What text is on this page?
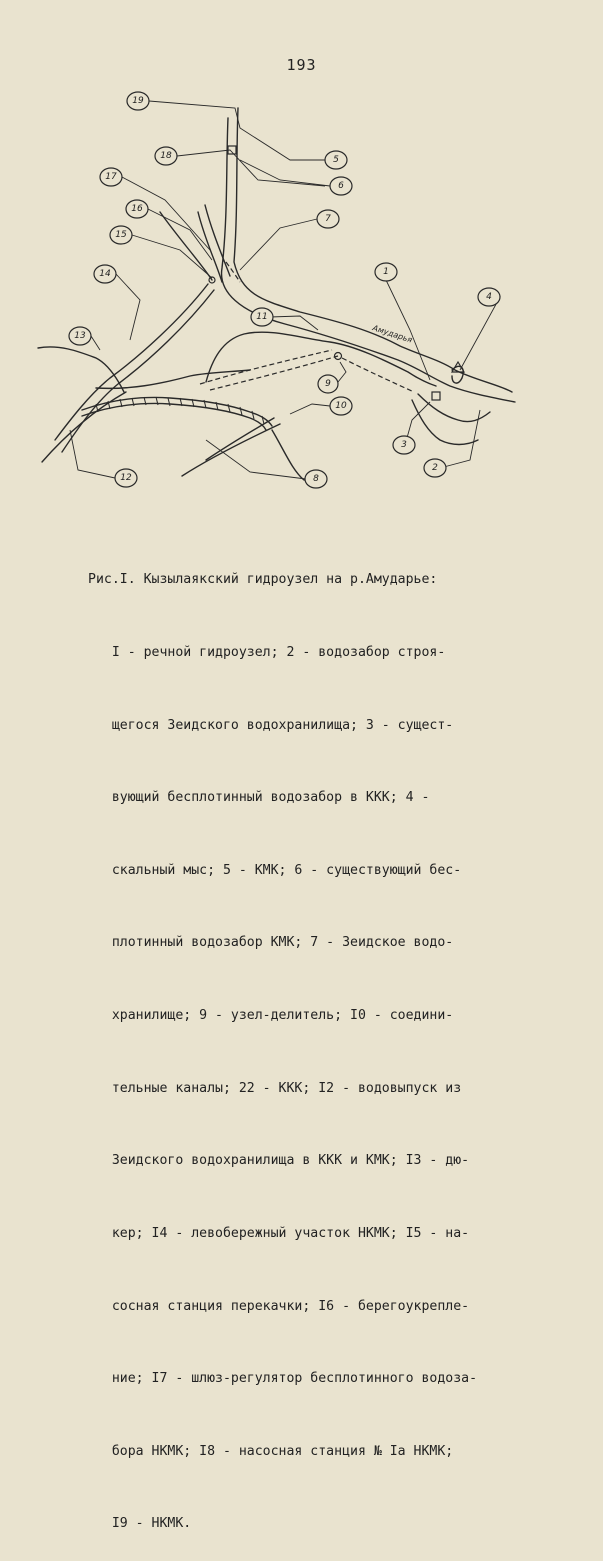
193
Амударья
19
18
17
16
15
14
13
12
11
10
9
8
7
6
5
4
1
3
2

Рис.I. Кызылаякский гидроузел на р.Амударье:

I - речной гидроузел; 2 - водозабор строя-

щегося Зеидского водохранилища; 3 - сущест-

вующий бесплотинный водозабор в ККК; 4 -

скальный мыс; 5 - КМК; 6 - существующий бес-

плотинный водозабор КМК; 7 - Зеидское водо-

хранилище; 9 - узел-делитель; I0 - соедини-

тельные каналы; 22 - ККК; I2 - водовыпуск из

Зеидского водохранилища в ККК и КМК; I3 - дю-

кер; I4 - левобережный участок НКМК; I5 - на-

сосная станция перекачки; I6 - берегоукрепле-

ние; I7 - шлюз-регулятор бесплотинного водоза-

бора НКМК; I8 - насосная станция № Iа НКМК;

I9 - НКМК.
